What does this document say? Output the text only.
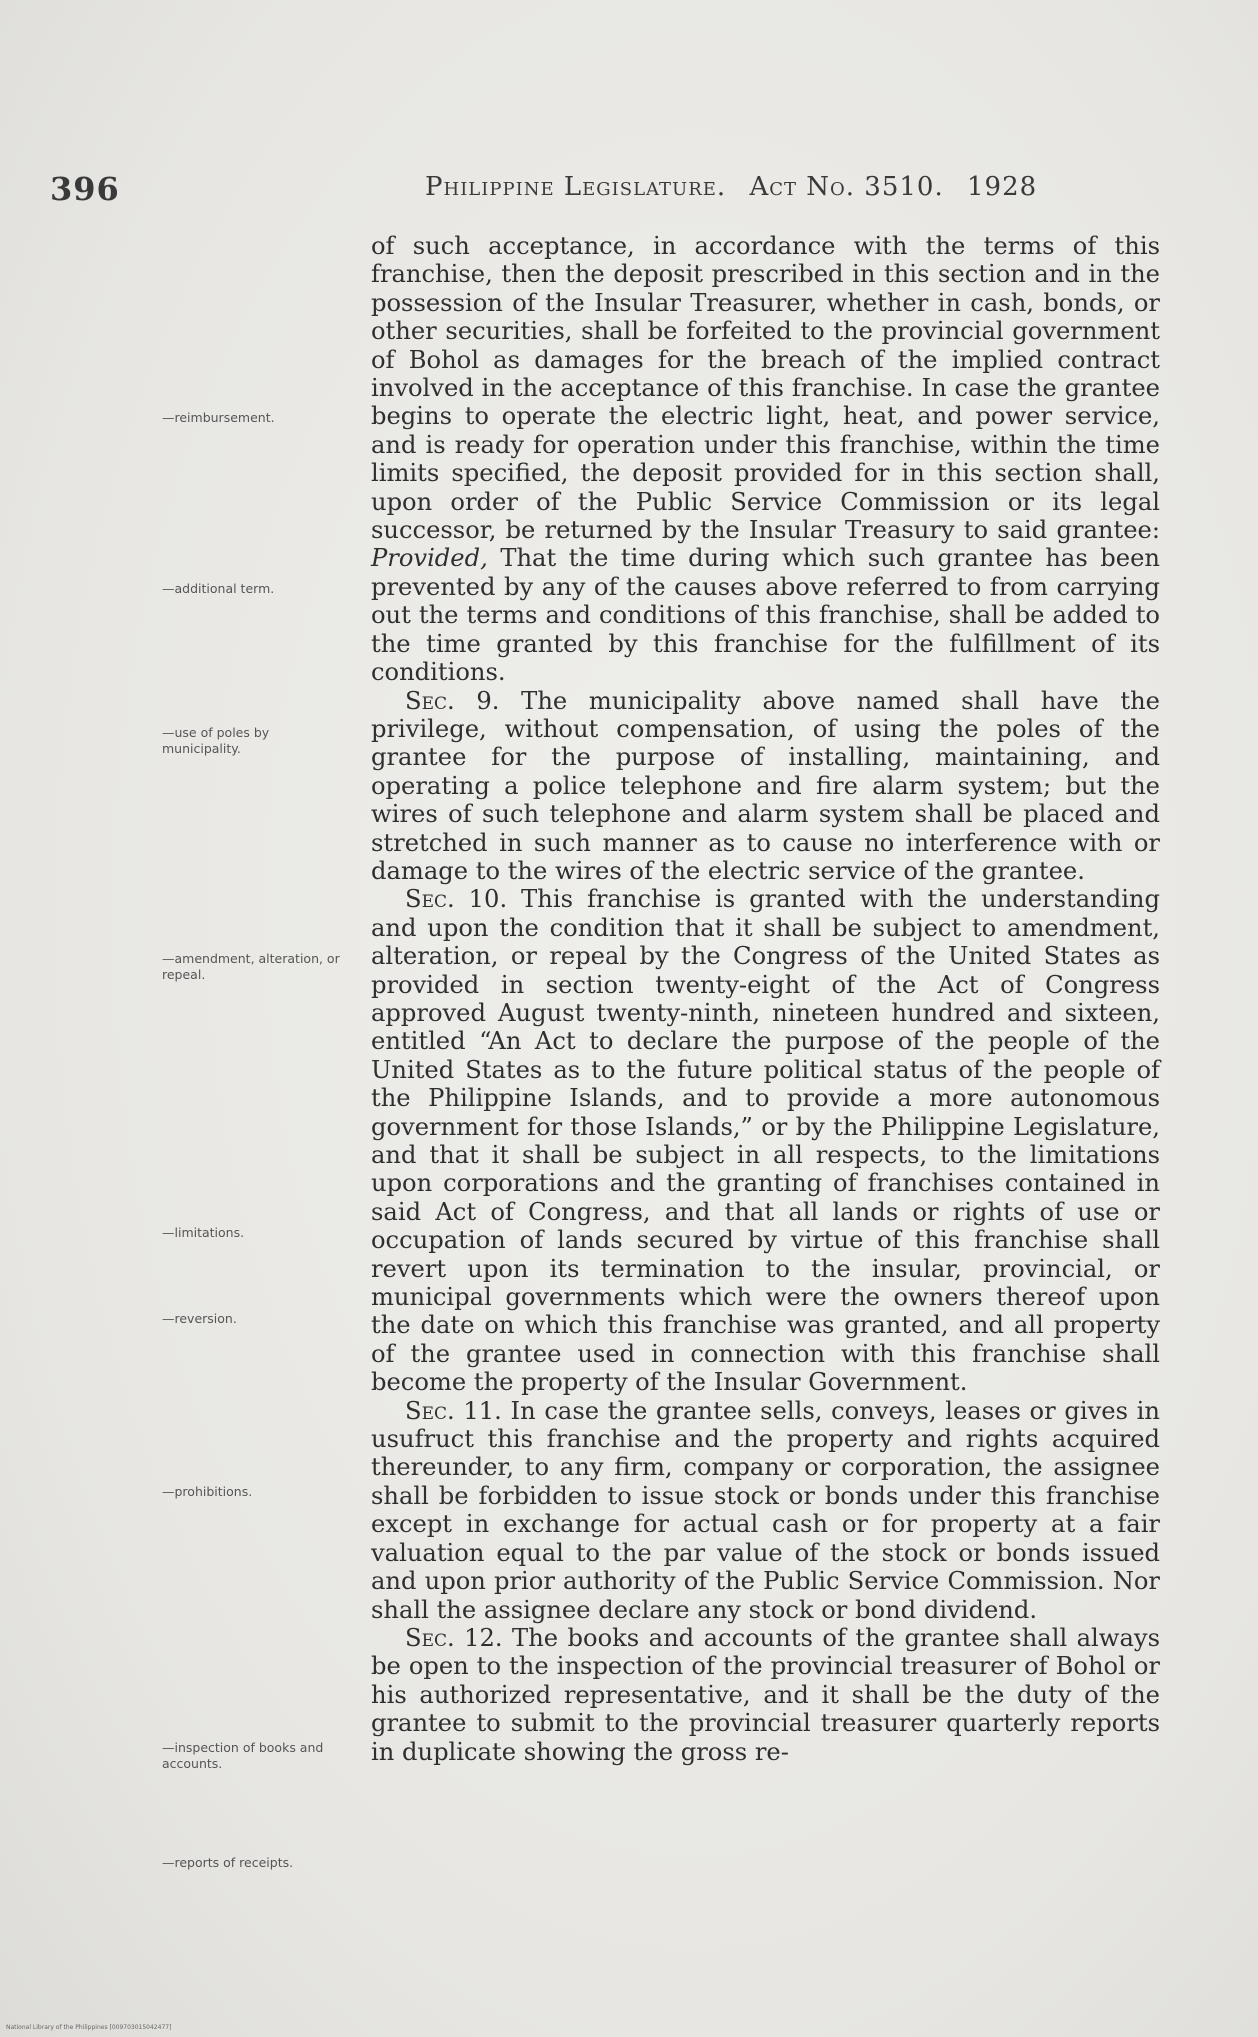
396	Philippine Legislature. Act No. 3510. 1928

of such acceptance, in accordance with the terms of this franchise, then the deposit prescribed in this section and in the possession of the Insular Treasurer, whether in cash, bonds, or other securities, shall be forfeited to the provincial government of Bohol as damages for the breach of the implied contract involved in the acceptance of this franchise. In case the grantee begins to operate the electric light, heat, and power service, and is ready for operation under this franchise, within the time limits specified, the deposit provided for in this section shall, upon order of the Public Service Commission or its legal successor, be returned by the Insular Treasury to said grantee: Provided, That the time during which such grantee has been prevented by any of the causes above referred to from carrying out the terms and conditions of this franchise, shall be added to the time granted by this franchise for the fulfillment of its conditions.

Sec. 9. The municipality above named shall have the privilege, without compensation, of using the poles of the grantee for the purpose of installing, maintaining, and operating a police telephone and fire alarm system; but the wires of such telephone and alarm system shall be placed and stretched in such manner as to cause no interference with or damage to the wires of the electric service of the grantee.

Sec. 10. This franchise is granted with the understanding and upon the condition that it shall be subject to amendment, alteration, or repeal by the Congress of the United States as provided in section twenty-eight of the Act of Congress approved August twenty-ninth, nineteen hundred and sixteen, entitled “An Act to declare the purpose of the people of the United States as to the future political status of the people of the Philippine Islands, and to provide a more autonomous government for those Islands,” or by the Philippine Legislature, and that it shall be subject in all respects, to the limitations upon corporations and the granting of franchises contained in said Act of Congress, and that all lands or rights of use or occupation of lands secured by virtue of this franchise shall revert upon its termination to the insular, provincial, or municipal governments which were the owners thereof upon the date on which this franchise was granted, and all property of the grantee used in connection with this franchise shall become the property of the Insular Government.

Sec. 11. In case the grantee sells, conveys, leases or gives in usufruct this franchise and the property and rights acquired thereunder, to any firm, company or corporation, the assignee shall be forbidden to issue stock or bonds under this franchise except in exchange for actual cash or for property at a fair valuation equal to the par value of the stock or bonds issued and upon prior authority of the Public Service Commission. Nor shall the assignee declare any stock or bond dividend.

Sec. 12. The books and accounts of the grantee shall always be open to the inspection of the provincial treasurer of Bohol or his authorized representative, and it shall be the duty of the grantee to submit to the provincial treasurer quarterly reports in duplicate showing the gross re-

—reimbursement.
—additional term.
—use of poles by municipality.
—amendment, alteration, or repeal.
—limitations.
—reversion.
—prohibitions.
—inspection of books and accounts.
—reports of receipts.
National Library of the Philippines [009703015042477]
